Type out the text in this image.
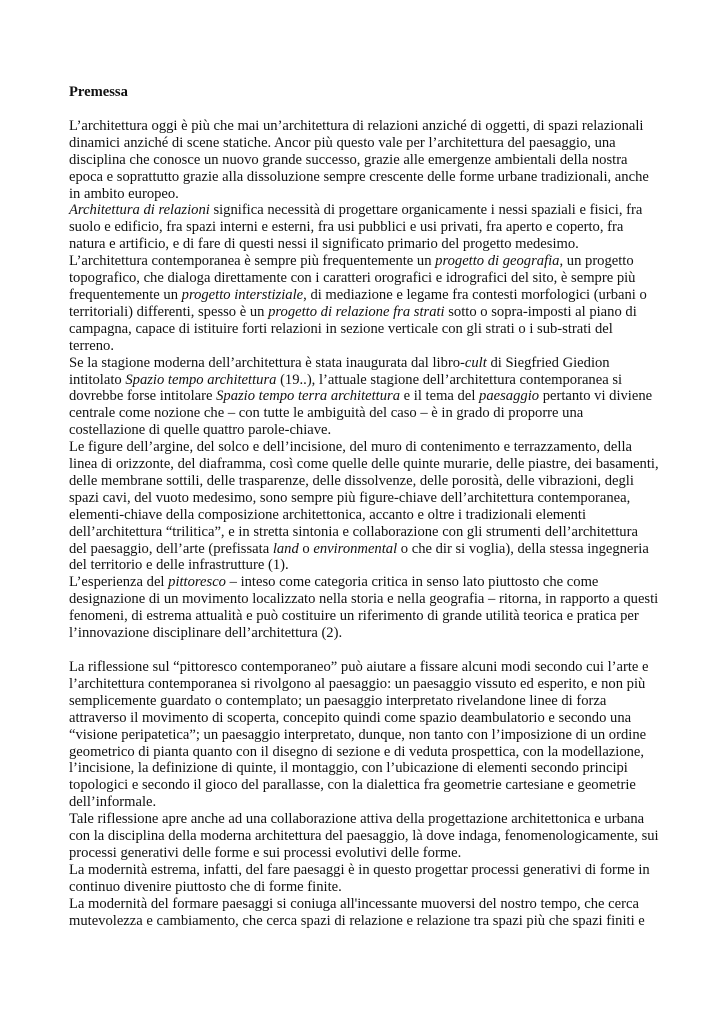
Premessa

L’architettura oggi è più che mai un’architettura di relazioni anziché di oggetti, di spazi relazionali dinamici anziché di scene statiche. Ancor più questo vale per l’architettura del paesaggio, una disciplina che conosce un nuovo grande successo, grazie alle emergenze ambientali della nostra epoca e soprattutto grazie alla dissoluzione sempre crescente delle forme urbane tradizionali, anche in ambito europeo.

Architettura di relazioni significa necessità di progettare organicamente i nessi spaziali e fisici, fra suolo e edificio, fra spazi interni e esterni, fra usi pubblici e usi privati, fra aperto e coperto, fra natura e artificio, e di fare di questi nessi il significato primario del progetto medesimo.

L’architettura contemporanea è sempre più frequentemente un progetto di geografia, un progetto topografico, che dialoga direttamente con i caratteri orografici e idrografici del sito, è sempre più frequentemente un progetto interstiziale, di mediazione e legame fra contesti morfologici (urbani o territoriali) differenti, spesso è un progetto di relazione fra strati sotto o sopra-imposti al piano di campagna, capace di istituire forti relazioni in sezione verticale con gli strati o i sub-strati del terreno.

Se la stagione moderna dell’architettura è stata inaugurata dal libro-cult di Siegfried Giedion intitolato Spazio tempo architettura (19..), l’attuale stagione dell’architettura contemporanea si dovrebbe forse intitolare Spazio tempo terra architettura e il tema del paesaggio pertanto vi diviene centrale come nozione che – con tutte le ambiguità del caso – è in grado di proporre una costellazione di quelle quattro parole-chiave.

Le figure dell’argine, del solco e dell’incisione, del muro di contenimento e terrazzamento, della linea di orizzonte, del diaframma, così come quelle delle quinte murarie, delle piastre, dei basamenti, delle membrane sottili, delle trasparenze, delle dissolvenze, delle porosità, delle vibrazioni, degli spazi cavi, del vuoto medesimo, sono sempre più figure-chiave dell’architettura contemporanea, elementi-chiave della composizione architettonica, accanto e oltre i tradizionali elementi dell’architettura “trilitica”, e in stretta sintonia e collaborazione con gli strumenti dell’architettura del paesaggio, dell’arte (prefissata land o environmental o che dir si voglia), della stessa ingegneria del territorio e delle infrastrutture (1).

L’esperienza del pittoresco – inteso come categoria critica in senso lato piuttosto che come designazione di un movimento localizzato nella storia e nella geografia – ritorna, in rapporto a questi fenomeni, di estrema attualità e può costituire un riferimento di grande utilità teorica e pratica per l’innovazione disciplinare dell’architettura (2).

La riflessione sul “pittoresco contemporaneo” può aiutare a fissare alcuni modi secondo cui l’arte e l’architettura contemporanea si rivolgono al paesaggio: un paesaggio vissuto ed esperito, e non più semplicemente guardato o contemplato; un paesaggio interpretato rivelandone linee di forza attraverso il movimento di scoperta, concepito quindi come spazio deambulatorio e secondo una “visione peripatetica”; un paesaggio interpretato, dunque, non tanto con l’imposizione di un ordine geometrico di pianta quanto con il disegno di sezione e di veduta prospettica, con la modellazione, l’incisione, la definizione di quinte, il montaggio, con l’ubicazione di elementi secondo principi topologici e secondo il gioco del parallasse, con la dialettica fra geometrie cartesiane e geometrie dell’informale.

Tale riflessione apre anche ad una collaborazione attiva della progettazione architettonica e urbana con la disciplina della moderna architettura del paesaggio, là dove indaga, fenomenologicamente, sui processi generativi delle forme e sui processi evolutivi delle forme.

La modernità estrema, infatti, del fare paesaggi è in questo progettar processi generativi di forme in continuo divenire piuttosto che di forme finite.

La modernità del formare paesaggi si coniuga all'incessante muoversi del nostro tempo, che cerca mutevolezza e cambiamento, che cerca spazi di relazione e relazione tra spazi più che spazi finiti e
